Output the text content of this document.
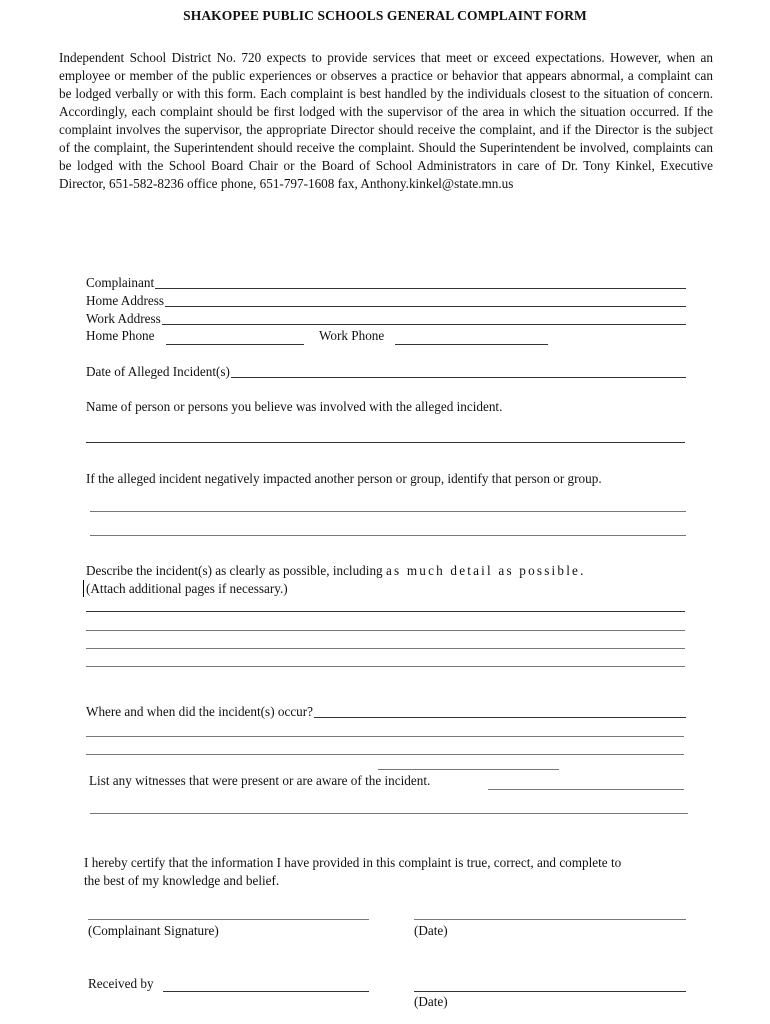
SHAKOPEE PUBLIC SCHOOLS GENERAL COMPLAINT FORM
Independent School District No. 720 expects to provide services that meet or exceed expectations. However, when an employee or member of the public experiences or observes a practice or behavior that appears abnormal, a complaint can be lodged verbally or with this form. Each complaint is best handled by the individuals closest to the situation of concern. Accordingly, each complaint should be first lodged with the supervisor of the area in which the situation occurred. If the complaint involves the supervisor, the appropriate Director should receive the complaint, and if the Director is the subject of the complaint, the Superintendent should receive the complaint. Should the Superintendent be involved, complaints can be lodged with the School Board Chair or the Board of School Administrators in care of Dr. Tony Kinkel, Executive Director, 651-582-8236 office phone, 651-797-1608 fax, Anthony.kinkel@state.mn.us
Complainant
Home Address
Work Address
Home Phone	Work Phone
Date of Alleged Incident(s)
Name of person or persons you believe was involved with the alleged incident.
If the alleged incident negatively impacted another person or group, identify that person or group.
Describe the incident(s) as clearly as possible, including as much detail as possible.
(Attach additional pages if necessary.)
Where and when did the incident(s) occur?
List any witnesses that were present or are aware of the incident.
I hereby certify that the information I have provided in this complaint is true, correct, and complete to
the best of my knowledge and belief.
(Complainant Signature)	(Date)
Received by
(Date)
